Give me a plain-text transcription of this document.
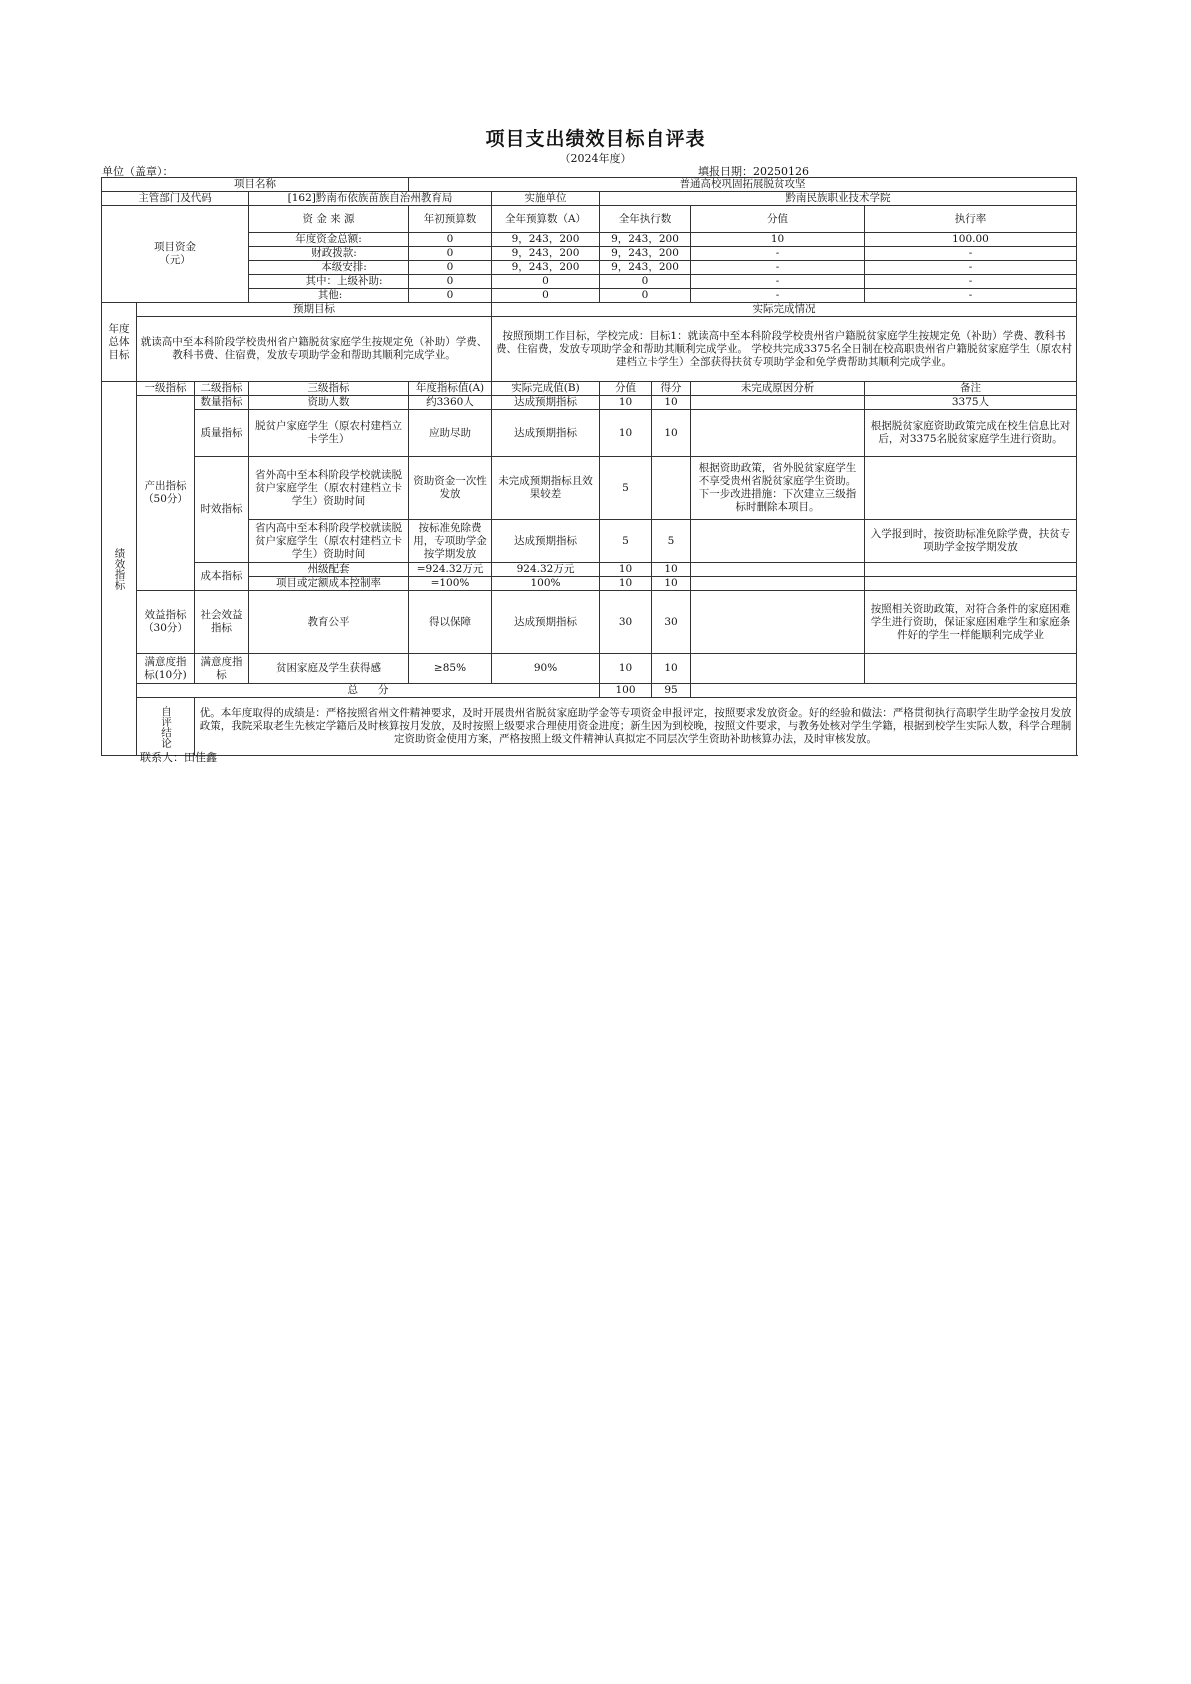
项目支出绩效目标自评表
（2024年度）
单位（盖章）：	填报日期：20250126
项目名称				普通高校巩固拓展脱贫攻坚						
主管部门及代码			[162]黔南布依族苗族自治州教育局		实施单位	黔南民族职业技术学院				
项目资金
（元）			资 金 来 源	年初预算数	全年预算数（A）	全年执行数		分值	执行率	
			年度资金总额:	0	9，243，200	9，243，200		10	100.00	
			财政拨款:	0	9，243，200	9，243，200		-	-	
			本级安排:	0	9，243，200	9，243，200		-	-	
			其中：上级补助:	0	0	0		-	-	
			其他:	0	0	0		-	-	
年度总体目标	预期目标				实际完成情况					
	就读高中至本科阶段学校贵州省户籍脱贫家庭学生按规定免（补助）学费、教科书费、住宿费，发放专项助学金和帮助其顺利完成学业。				按照预期工作目标，学校完成：目标1：就读高中至本科阶段学校贵州省户籍脱贫家庭学生按规定免（补助）学费、教科书费、住宿费，发放专项助学金和帮助其顺利完成学业。 学校共完成3375名全日制在校高职贵州省户籍脱贫家庭学生（原农村建档立卡学生）全部获得扶贫专项助学金和免学费帮助其顺利完成学业。					
绩效指标	一级指标	二级指标	三级指标	年度指标值(A)	实际完成值(B)	分值	得分	未完成原因分析	备注	
	产出指标（50分）	数量指标	资助人数	约3360人	达成预期指标	10	10		3375人	
		质量指标	脱贫户家庭学生（原农村建档立卡学生）	应助尽助	达成预期指标	10	10		根据脱贫家庭资助政策完成在校生信息比对后，对3375名脱贫家庭学生进行资助。	
		时效指标	省外高中至本科阶段学校就读脱贫户家庭学生（原农村建档立卡学生）资助时间	资助资金一次性发放	未完成预期指标且效果较差	5		根据资助政策，省外脱贫家庭学生不享受贵州省脱贫家庭学生资助。下一步改进措施：下次建立三级指标时删除本项目。		
			省内高中至本科阶段学校就读脱贫户家庭学生（原农村建档立卡学生）资助时间	按标准免除费用，专项助学金按学期发放	达成预期指标	5	5		入学报到时，按资助标准免除学费，扶贫专项助学金按学期发放	
		成本指标	州级配套	=924.32万元	924.32万元	10	10			
			项目或定额成本控制率	=100%	100%	10	10			

	效益指标（30分）	社会效益指标	教育公平	得以保障	达成预期指标	30	30		按照相关资助政策，对符合条件的家庭困难学生进行资助，保证家庭困难学生和家庭条件好的学生一样能顺利完成学业	
	满意度指标(10分)	满意度指标	贫困家庭及学生获得感	≥85%	90%	10	10			
	总      分					100	95			
	自评结论	优。本年度取得的成绩是：严格按照省州文件精神要求，及时开展贵州省脱贫家庭助学金等专项资金申报评定，按照要求发放资金。好的经验和做法：严格贯彻执行高职学生助学金按月发放政策，我院采取老生先核定学籍后及时核算按月发放，及时按照上级要求合理使用资金进度；新生因为到校晚，按照文件要求，与教务处核对学生学籍，根据到校学生实际人数，科学合理制定资助资金使用方案，严格按照上级文件精神认真拟定不同层次学生资助补助核算办法，及时审核发放。								
联系人：田佳鑫
